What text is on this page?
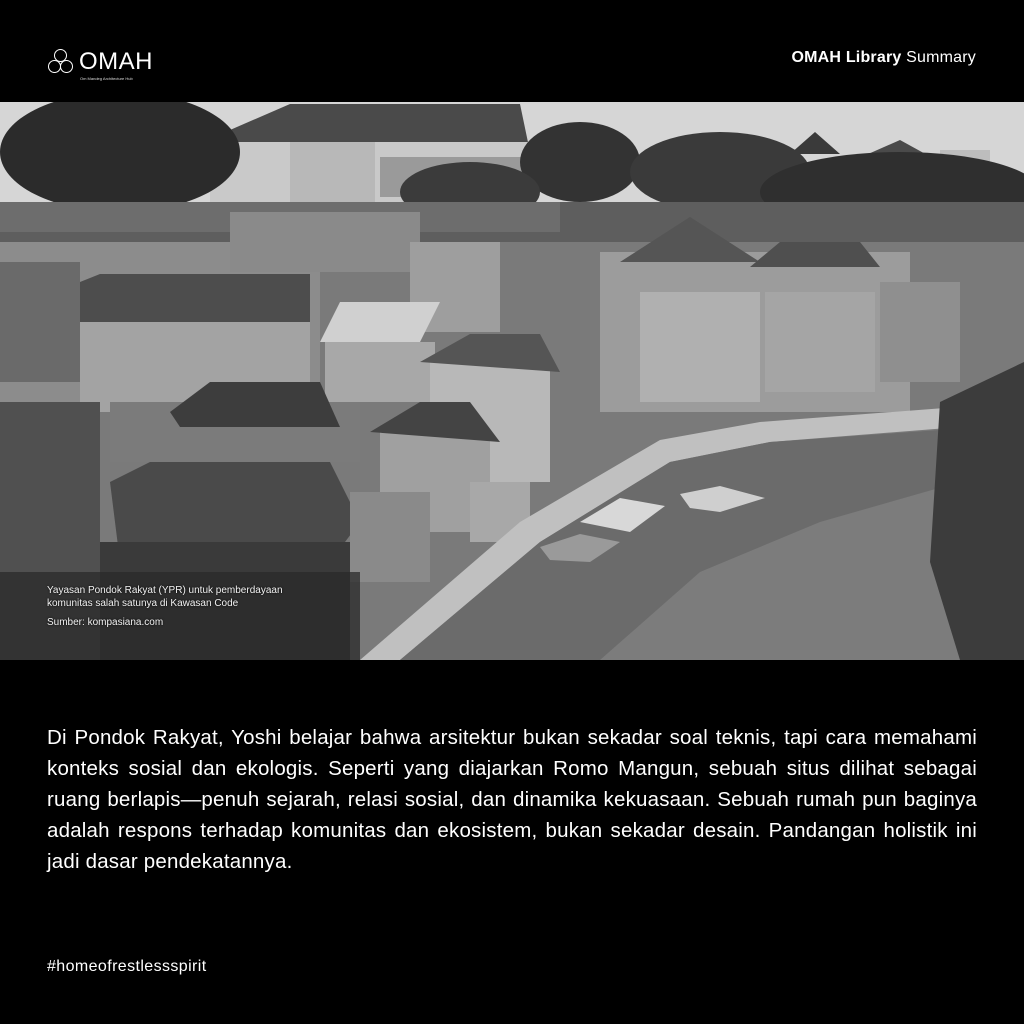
OMAH
Om Mandeg Architecture Hub
OMAH Library Summary
Yayasan Pondok Rakyat (YPR) untuk pemberdayaan
komunitas salah satunya di Kawasan Code
Sumber: kompasiana.com

Di Pondok Rakyat, Yoshi belajar bahwa arsitektur bukan sekadar soal teknis, tapi cara memahami konteks sosial dan ekologis. Seperti yang diajarkan Romo Mangun, sebuah situs dilihat sebagai ruang berlapis—penuh sejarah, relasi sosial, dan dinamika kekuasaan. Sebuah rumah pun baginya adalah respons terhadap komunitas dan ekosistem, bukan sekadar desain. Pandangan holistik ini jadi dasar pendekatannya.

#homeofrestlessspirit
